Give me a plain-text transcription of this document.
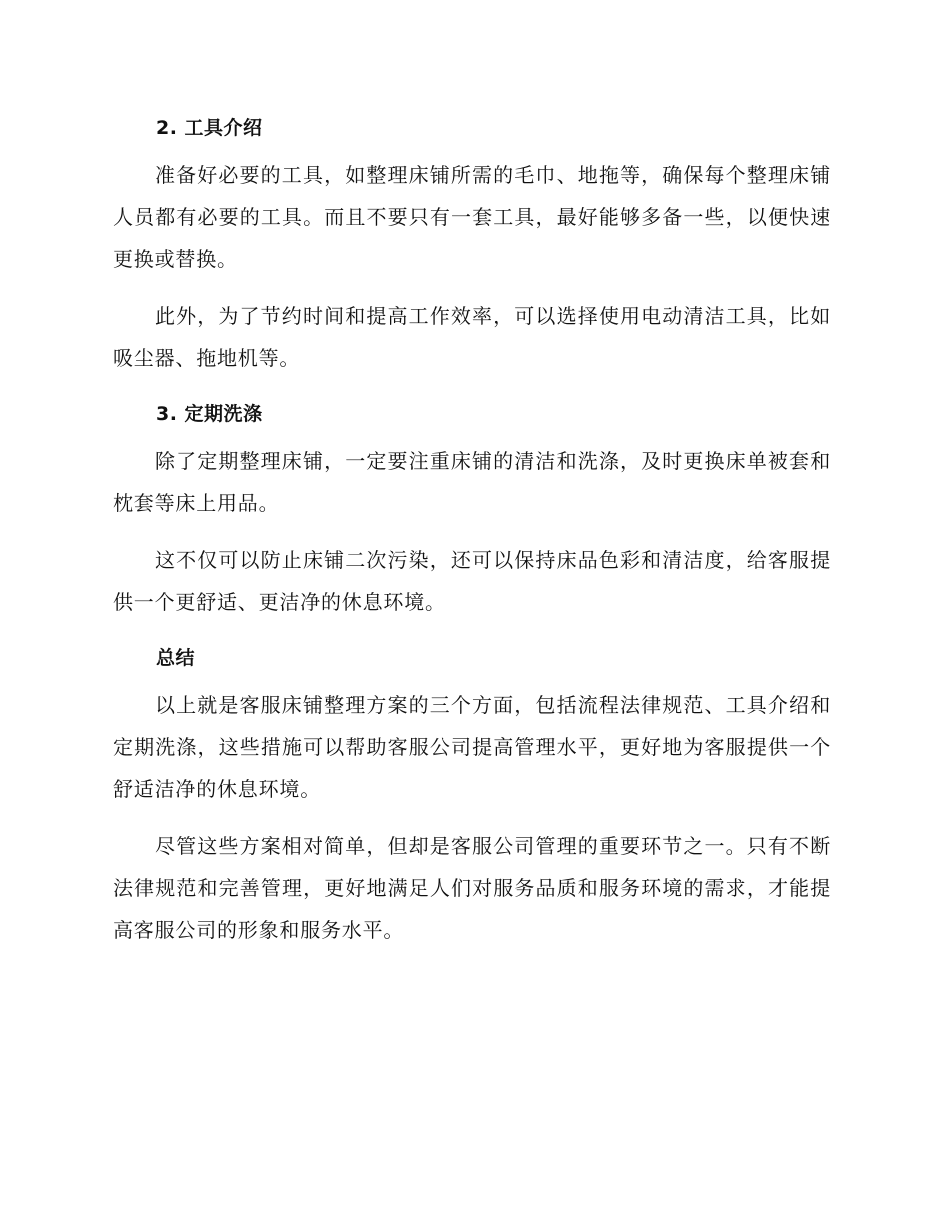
2. 工具介绍

准备好必要的工具，如整理床铺所需的毛巾、地拖等，确保每个整理床铺人员都有必要的工具。而且不要只有一套工具，最好能够多备一些，以便快速更换或替换。

此外，为了节约时间和提高工作效率，可以选择使用电动清洁工具，比如吸尘器、拖地机等。

3. 定期洗涤

除了定期整理床铺，一定要注重床铺的清洁和洗涤，及时更换床单被套和枕套等床上用品。

这不仅可以防止床铺二次污染，还可以保持床品色彩和清洁度，给客服提供一个更舒适、更洁净的休息环境。

总结

以上就是客服床铺整理方案的三个方面，包括流程法律规范、工具介绍和定期洗涤，这些措施可以帮助客服公司提高管理水平，更好地为客服提供一个舒适洁净的休息环境。

尽管这些方案相对简单，但却是客服公司管理的重要环节之一。只有不断法律规范和完善管理，更好地满足人们对服务品质和服务环境的需求，才能提高客服公司的形象和服务水平。
